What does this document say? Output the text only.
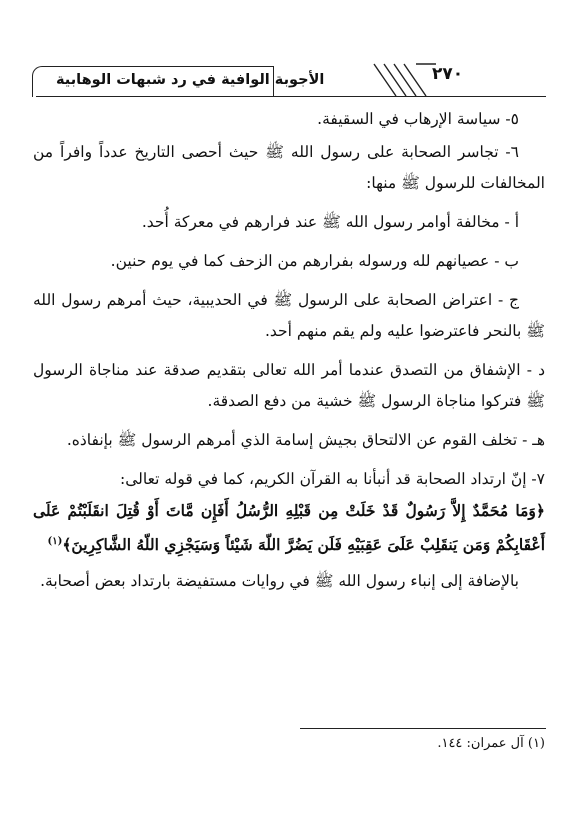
الأجوبة الوافية في رد شبهات الوهابية	٢٧٠

٥- سياسة الإرهاب في السقيفة.

٦- تجاسر الصحابة على رسول الله ﷺ حيث أحصى التاريخ عدداً وافراً من المخالفات للرسول ﷺ منها:

أ - مخالفة أوامر رسول الله ﷺ عند فرارهم في معركة أُحد.

ب - عصيانهم لله ورسوله بفرارهم من الزحف كما في يوم حنين.

ج - اعتراض الصحابة على الرسول ﷺ في الحديبية، حيث أمرهم رسول الله ﷺ بالنحر فاعترضوا عليه ولم يقم منهم أحد.

د - الإشفاق من التصدق عندما أمر الله تعالى بتقديم صدقة عند مناجاة الرسول ﷺ فتركوا مناجاة الرسول ﷺ خشية من دفع الصدقة.

هـ - تخلف القوم عن الالتحاق بجيش إسامة الذي أمرهم الرسول ﷺ بإنفاذه.

٧- إنّ ارتداد الصحابة قد أنبأنا به القرآن الكريم، كما في قوله تعالى:

﴿وَمَا مُحَمَّدٌ إِلاَّ رَسُولٌ قَدْ خَلَتْ مِن قَبْلِهِ الرُّسُلُ أَفَإِن مَّاتَ أَوْ قُتِلَ انقَلَبْتُمْ عَلَى أَعْقَابِكُمْ وَمَن يَنقَلِبْ عَلَىَ عَقِبَيْهِ فَلَن يَضُرَّ اللّهَ شَيْئاً وَسَيَجْزِي اللّهُ الشَّاكِرِينَ﴾$^{(١)}$

بالإضافة إلى إنباء رسول الله ﷺ في روايات مستفيضة بارتداد بعض أصحابة.

(١) آل عمران: ١٤٤.
